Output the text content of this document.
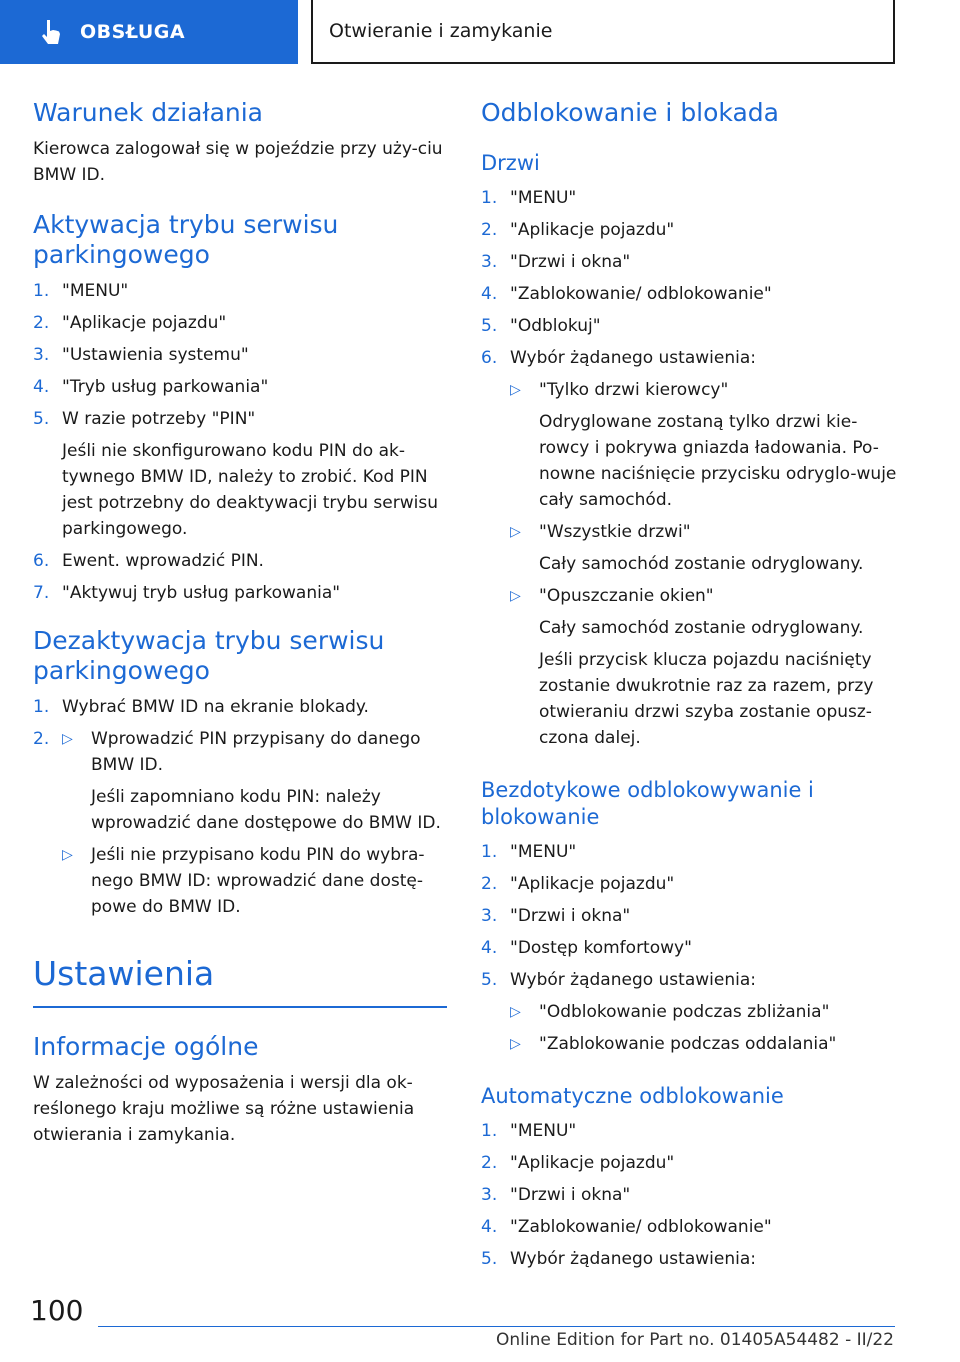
OBSŁUGA	Otwieranie i zamykanie
Warunek działania

Kierowca zalogował się w pojeździe przy uży-ciu BMW ID.

Aktywacja trybu serwisu parkingowego
1. "MENU"
2. "Aplikacje pojazdu"
3. "Ustawienia systemu"
4. "Tryb usług parkowania"
5. W razie potrzeby "PIN"
Jeśli nie skonfigurowano kodu PIN do ak-tywnego BMW ID, należy to zrobić. Kod PIN jest potrzebny do deaktywacji trybu serwisu parkingowego.
6. Ewent. wprowadzić PIN.
7. "Aktywuj tryb usług parkowania"
Dezaktywacja trybu serwisu parkingowego
1. Wybrać BMW ID na ekranie blokady.
2. ▷	Wprowadzić PIN przypisany do danego BMW ID.
Jeśli zapomniano kodu PIN: należy wprowadzić dane dostępowe do BMW ID.
▷	Jeśli nie przypisano kodu PIN do wybra-nego BMW ID: wprowadzić dane dostę-powe do BMW ID.
Ustawienia
Informacje ogólne

W zależności od wyposażenia i wersji dla ok-reślonego kraju możliwe są różne ustawienia otwierania i zamykania.

Odblokowanie i blokada
Drzwi
1. "MENU"
2. "Aplikacje pojazdu"
3. "Drzwi i okna"
4. "Zablokowanie/ odblokowanie"
5. "Odblokuj"
6. Wybór żądanego ustawienia:
▷	"Tylko drzwi kierowcy"
Odryglowane zostaną tylko drzwi kie-rowcy i pokrywa gniazda ładowania. Po-nowne naciśnięcie przycisku odryglo-wuje cały samochód.
▷	"Wszystkie drzwi"
Cały samochód zostanie odryglowany.
▷	"Opuszczanie okien"
Cały samochód zostanie odryglowany.
Jeśli przycisk klucza pojazdu naciśnięty zostanie dwukrotnie raz za razem, przy otwieraniu drzwi szyba zostanie opusz-czona dalej.
Bezdotykowe odblokowywanie i blokowanie
1. "MENU"
2. "Aplikacje pojazdu"
3. "Drzwi i okna"
4. "Dostęp komfortowy"
5. Wybór żądanego ustawienia:
▷	"Odblokowanie podczas zbliżania"
▷	"Zablokowanie podczas oddalania"
Automatyczne odblokowanie
1. "MENU"
2. "Aplikacje pojazdu"
3. "Drzwi i okna"
4. "Zablokowanie/ odblokowanie"
5. Wybór żądanego ustawienia:
100
Online Edition for Part no. 01405A54482 - II/22
